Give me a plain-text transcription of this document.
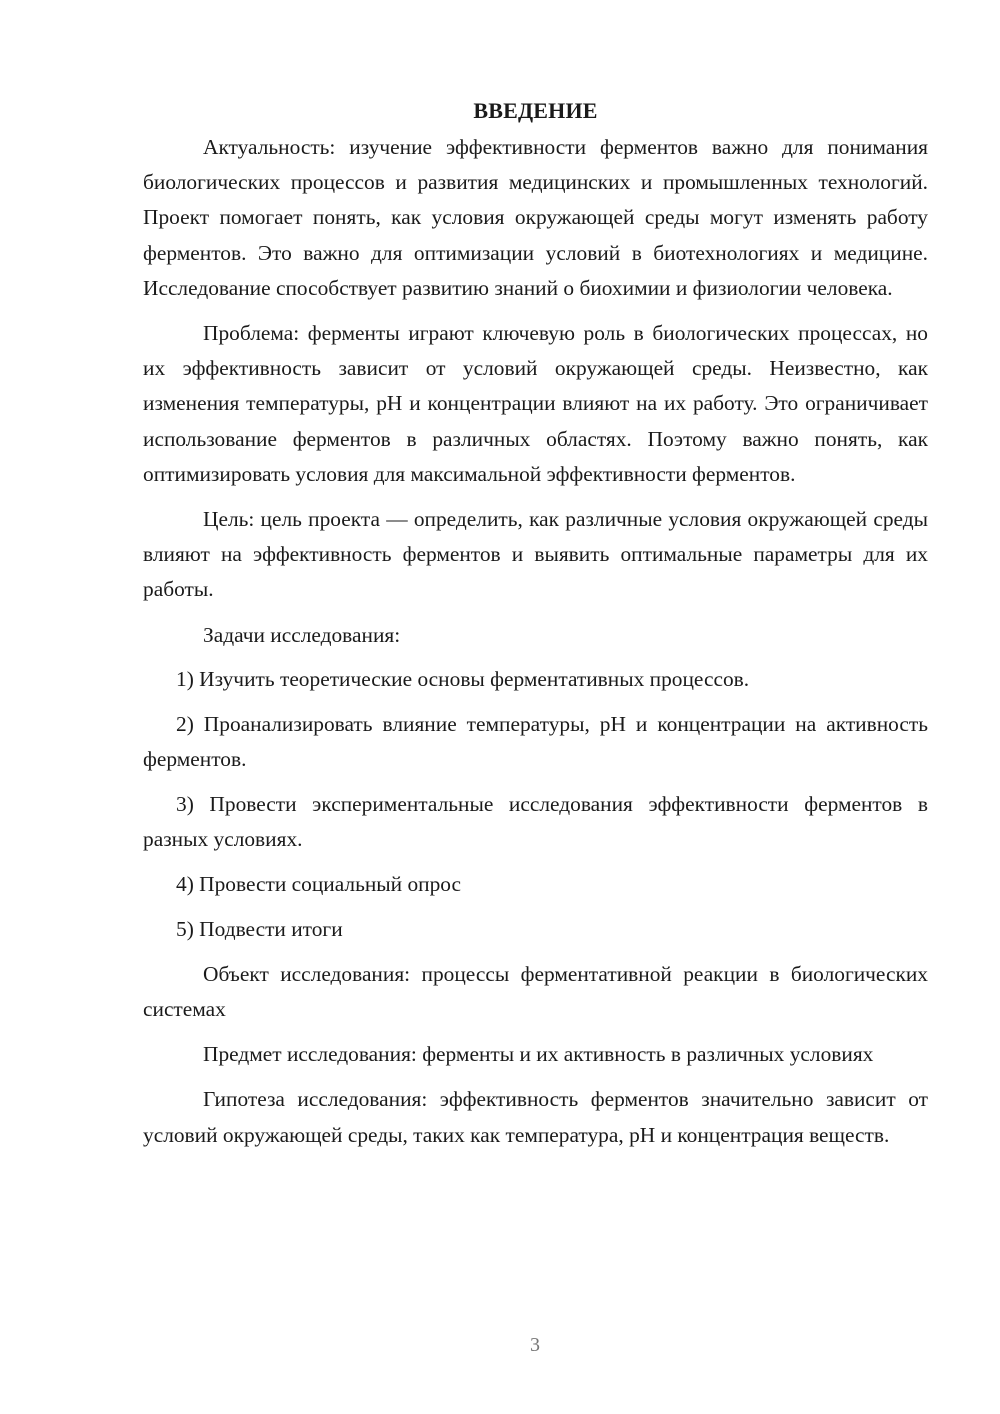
ВВЕДЕНИЕ

Актуальность: изучение эффективности ферментов важно для понимания биологических процессов и развития медицинских и промышленных технологий. Проект помогает понять, как условия окружающей среды могут изменять работу ферментов. Это важно для оптимизации условий в биотехнологиях и медицине. Исследование способствует развитию знаний о биохимии и физиологии человека.

Проблема: ферменты играют ключевую роль в биологических процессах, но их эффективность зависит от условий окружающей среды. Неизвестно, как изменения температуры, pH и концентрации влияют на их работу. Это ограничивает использование ферментов в различных областях. Поэтому важно понять, как оптимизировать условия для максимальной эффективности ферментов.

Цель: цель проекта — определить, как различные условия окружающей среды влияют на эффективность ферментов и выявить оптимальные параметры для их работы.

Задачи исследования:

1) Изучить теоретические основы ферментативных процессов.

2) Проанализировать влияние температуры, pH и концентрации на активность ферментов.

3) Провести экспериментальные исследования эффективности ферментов в разных условиях.

4) Провести социальный опрос

5) Подвести итоги

Объект исследования: процессы ферментативной реакции в биологических системах

Предмет исследования: ферменты и их активность в различных условиях

Гипотеза исследования: эффективность ферментов значительно зависит от условий окружающей среды, таких как температура, pH и концентрация веществ.

3
